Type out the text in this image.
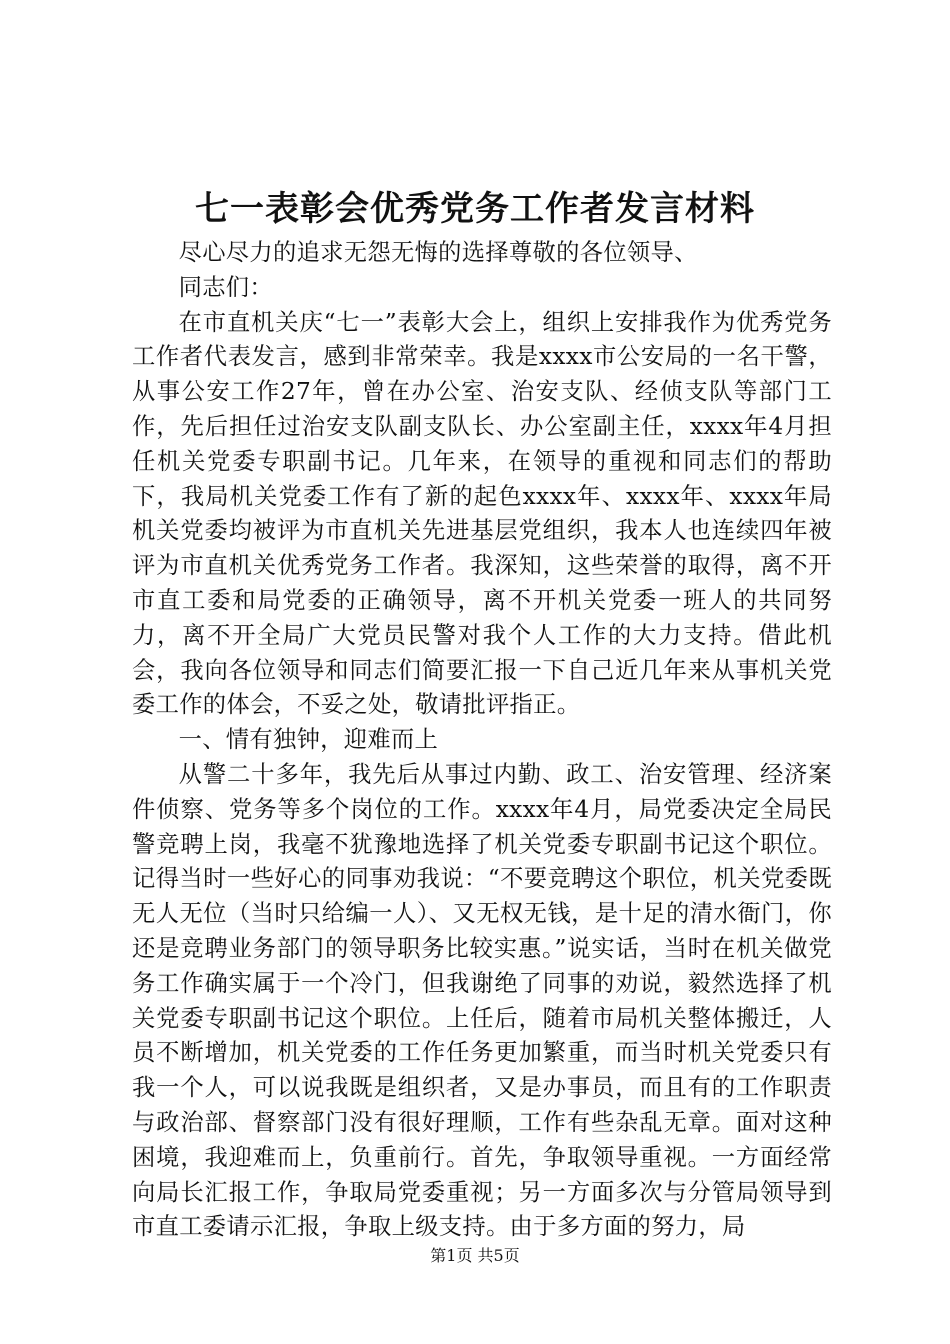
七一表彰会优秀党务工作者发言材料

尽心尽力的追求无怨无悔的选择尊敬的各位领导、

同志们：

在市直机关庆“七一”表彰大会上，组织上安排我作为优秀党务工作者代表发言，感到非常荣幸。我是xxxx市公安局的一名干警，从事公安工作27年，曾在办公室、治安支队、经侦支队等部门工作，先后担任过治安支队副支队长、办公室副主任，xxxx年4月担任机关党委专职副书记。几年来，在领导的重视和同志们的帮助下，我局机关党委工作有了新的起色xxxx年、xxxx年、xxxx年局机关党委均被评为市直机关先进基层党组织，我本人也连续四年被评为市直机关优秀党务工作者。我深知，这些荣誉的取得，离不开市直工委和局党委的正确领导，离不开机关党委一班人的共同努力，离不开全局广大党员民警对我个人工作的大力支持。借此机会，我向各位领导和同志们简要汇报一下自己近几年来从事机关党委工作的体会，不妥之处，敬请批评指正。

一、情有独钟，迎难而上

从警二十多年，我先后从事过内勤、政工、治安管理、经济案件侦察、党务等多个岗位的工作。xxxx年4月，局党委决定全局民警竞聘上岗，我毫不犹豫地选择了机关党委专职副书记这个职位。记得当时一些好心的同事劝我说：“不要竞聘这个职位，机关党委既无人无位（当时只给编一人）、又无权无钱，是十足的清水衙门，你还是竞聘业务部门的领导职务比较实惠。”说实话，当时在机关做党务工作确实属于一个冷门，但我谢绝了同事的劝说，毅然选择了机关党委专职副书记这个职位。上任后，随着市局机关整体搬迁，人员不断增加，机关党委的工作任务更加繁重，而当时机关党委只有我一个人，可以说我既是组织者，又是办事员，而且有的工作职责与政治部、督察部门没有很好理顺，工作有些杂乱无章。面对这种困境，我迎难而上，负重前行。首先，争取领导重视。一方面经常向局长汇报工作，争取局党委重视；另一方面多次与分管局领导到市直工委请示汇报，争取上级支持。由于多方面的努力，局

第1页 共5页
